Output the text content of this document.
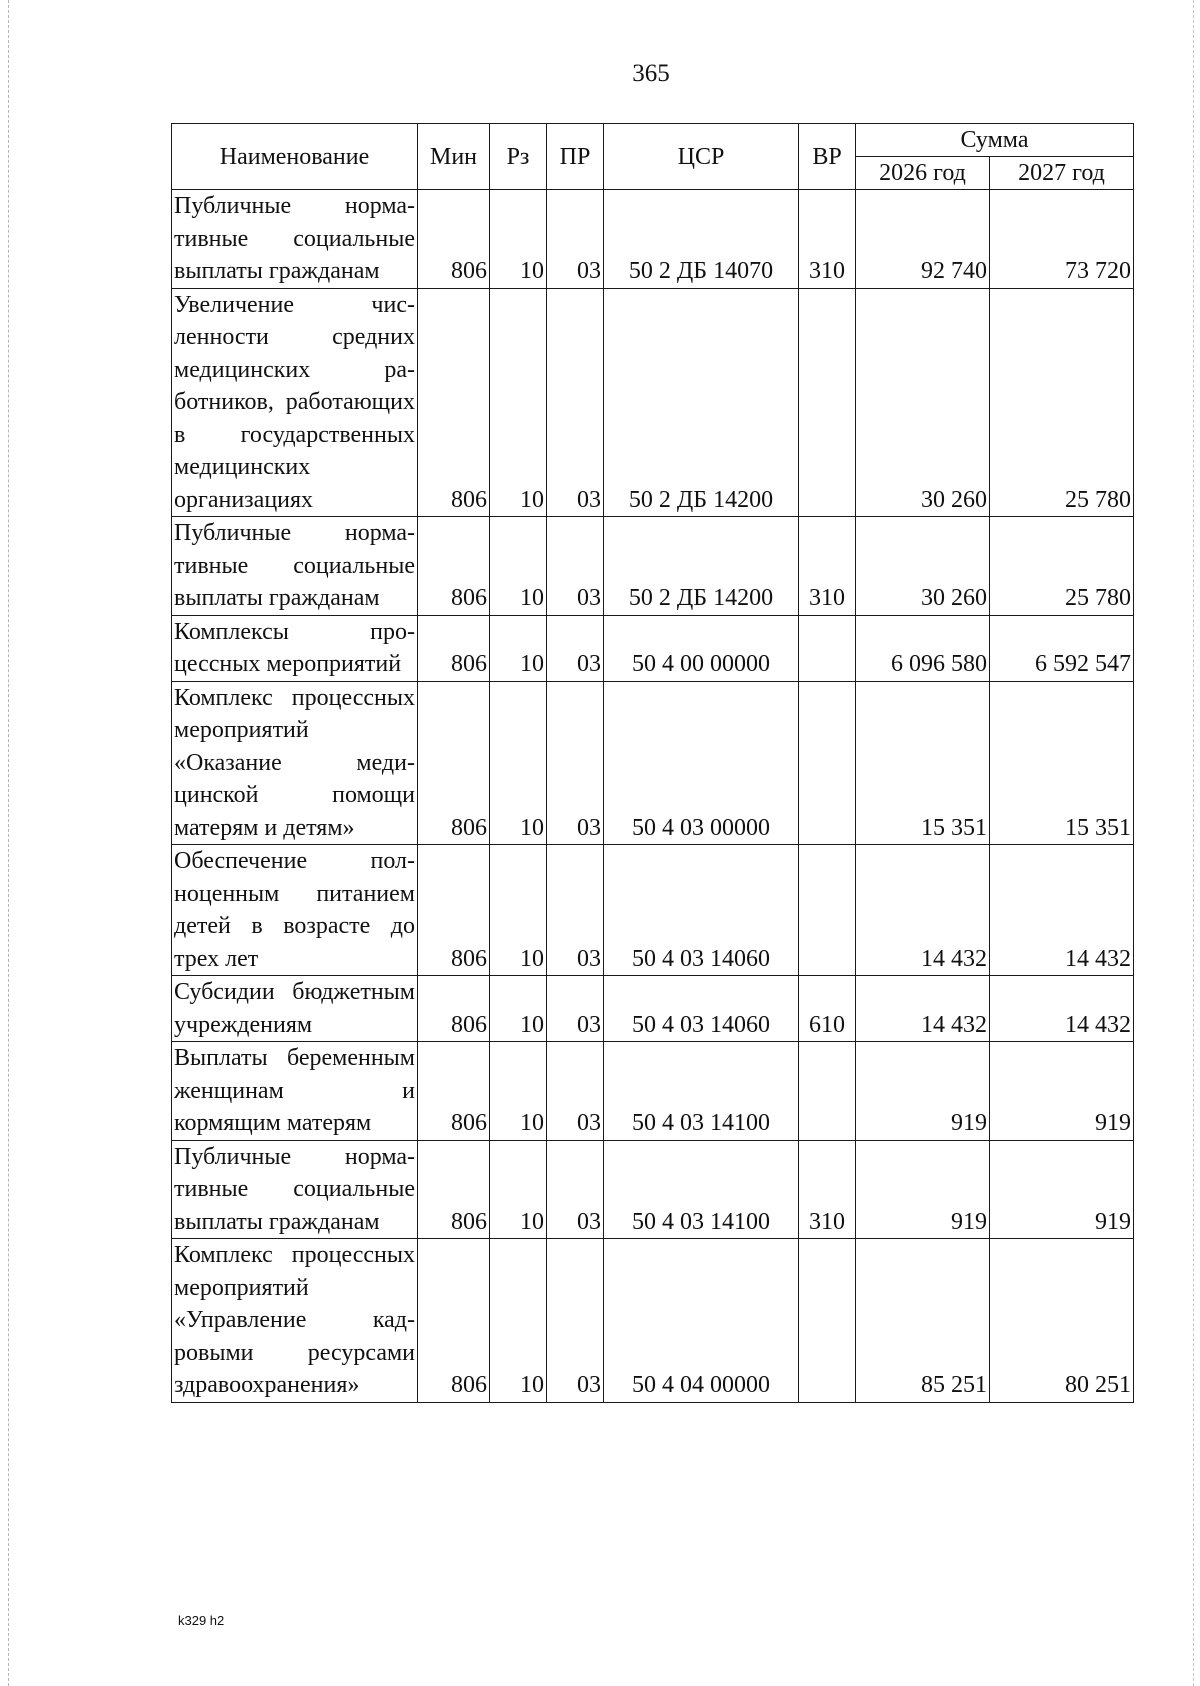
365
Наименование	Мин	Рз	ПР	ЦСР	ВР	Сумма	
						2026 год	2027 год
Публичные нормативные социальные выплаты гражданам	806	10	03	50 2 ДБ 14070	310	92 740	73 720
Увеличение численности средних медицинских работников, работающих в государственных медицинских организациях	806	10	03	50 2 ДБ 14200		30 260	25 780
Публичные нормативные социальные выплаты гражданам	806	10	03	50 2 ДБ 14200	310	30 260	25 780
Комплексы процессных мероприятий	806	10	03	50 4 00 00000		6 096 580	6 592 547
Комплекс процессных мероприятий «Оказание медицинской помощи матерям и детям»	806	10	03	50 4 03 00000		15 351	15 351
Обеспечение полноценным питанием детей в возрасте до трех лет	806	10	03	50 4 03 14060		14 432	14 432
Субсидии бюджетным учреждениям	806	10	03	50 4 03 14060	610	14 432	14 432
Выплаты беременным женщинам и кормящим матерям	806	10	03	50 4 03 14100		919	919
Публичные нормативные социальные выплаты гражданам	806	10	03	50 4 03 14100	310	919	919
Комплекс процессных мероприятий «Управление кадровыми ресурсами здравоохранения»	806	10	03	50 4 04 00000		85 251	80 251
k329 h2
